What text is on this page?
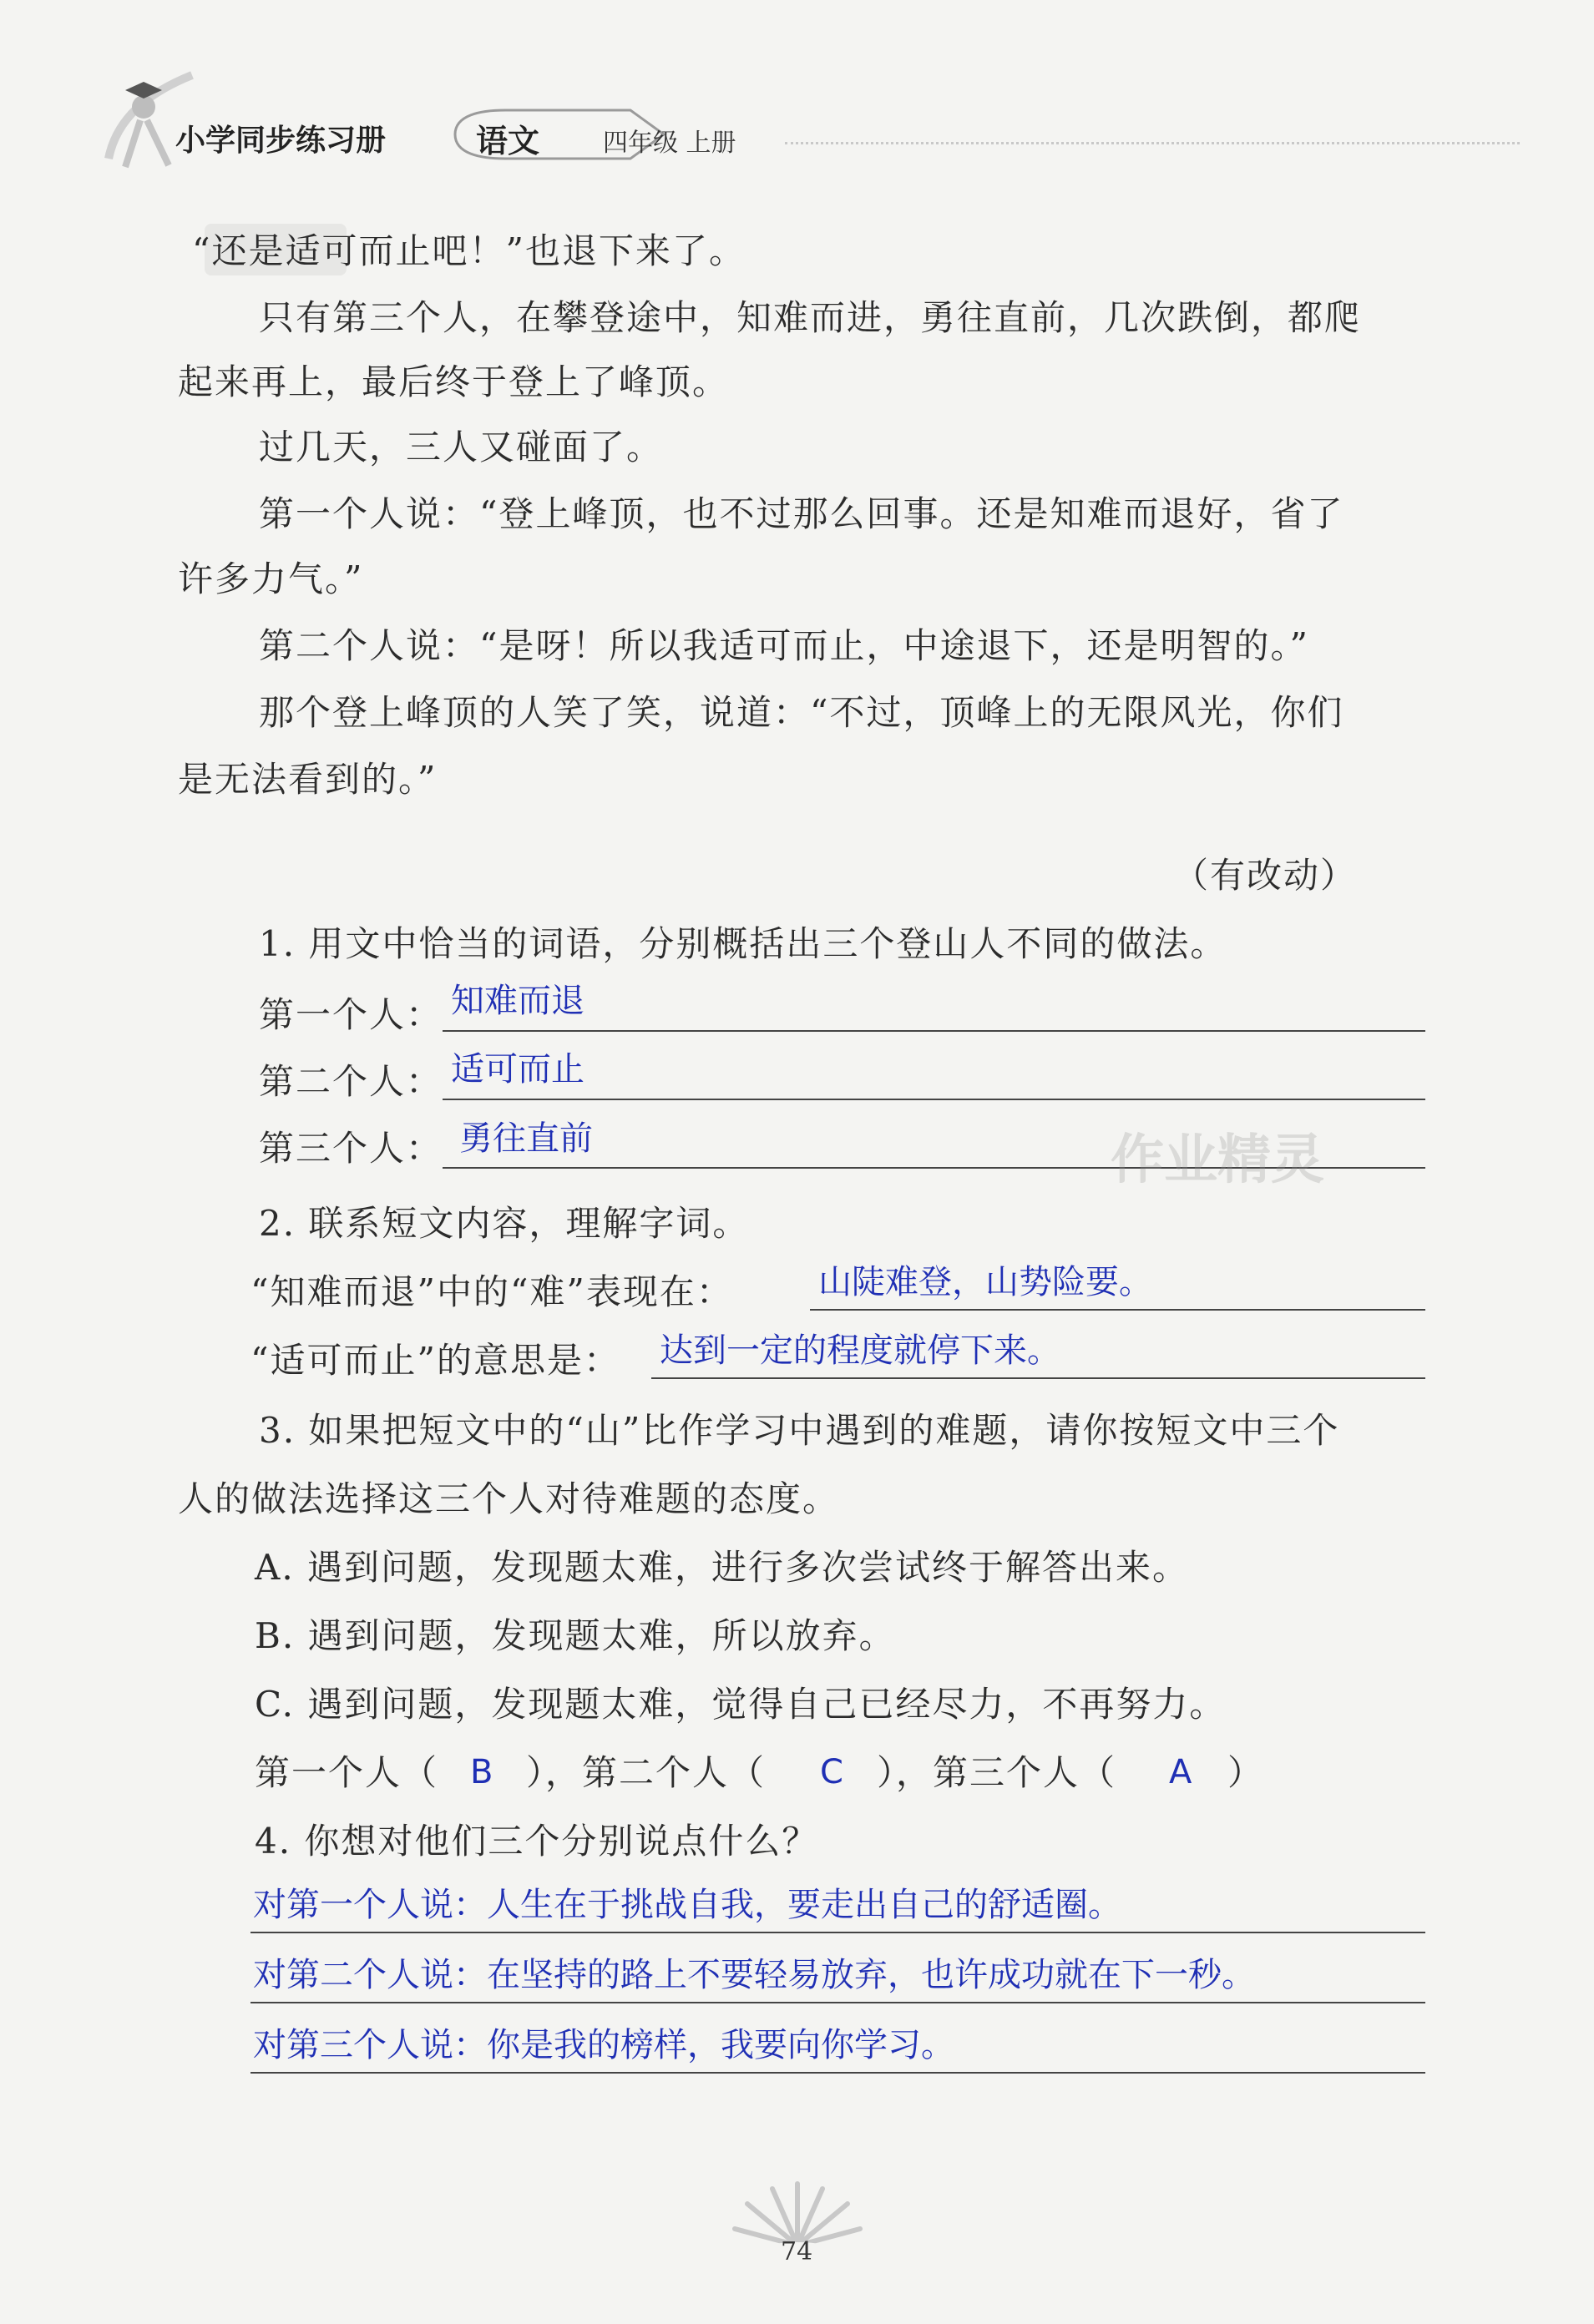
小学同步练习册	语文	四年级 上册
“还是适可而止吧！”也退下来了。
只有第三个人，在攀登途中，知难而进，勇往直前，几次跌倒，都爬
起来再上，最后终于登上了峰顶。
过几天，三人又碰面了。
第一个人说：“登上峰顶，也不过那么回事。还是知难而退好，省了
许多力气。”
第二个人说：“是呀！所以我适可而止，中途退下，还是明智的。”
那个登上峰顶的人笑了笑，说道：“不过，顶峰上的无限风光，你们
是无法看到的。”
（有改动）
1. 用文中恰当的词语，分别概括出三个登山人不同的做法。
第一个人： 知难而退
第二个人： 适可而止
第三个人： 勇往直前	作业精灵
2. 联系短文内容，理解字词。
“知难而退”中的“难”表现在：	山陡难登，山势险要。
“适可而止”的意思是： 达到一定的程度就停下来。
3. 如果把短文中的“山”比作学习中遇到的难题，请你按短文中三个
人的做法选择这三个人对待难题的态度。
A. 遇到问题，发现题太难，进行多次尝试终于解答出来。
B. 遇到问题，发现题太难，所以放弃。
C. 遇到问题，发现题太难，觉得自己已经尽力，不再努力。
第一个人（ B ），第二个人（ C ），第三个人（ A ）
4. 你想对他们三个分别说点什么？
对第一个人说：人生在于挑战自我，要走出自己的舒适圈。
对第二个人说：在坚持的路上不要轻易放弃，也许成功就在下一秒。
对第三个人说：你是我的榜样，我要向你学习。
74
